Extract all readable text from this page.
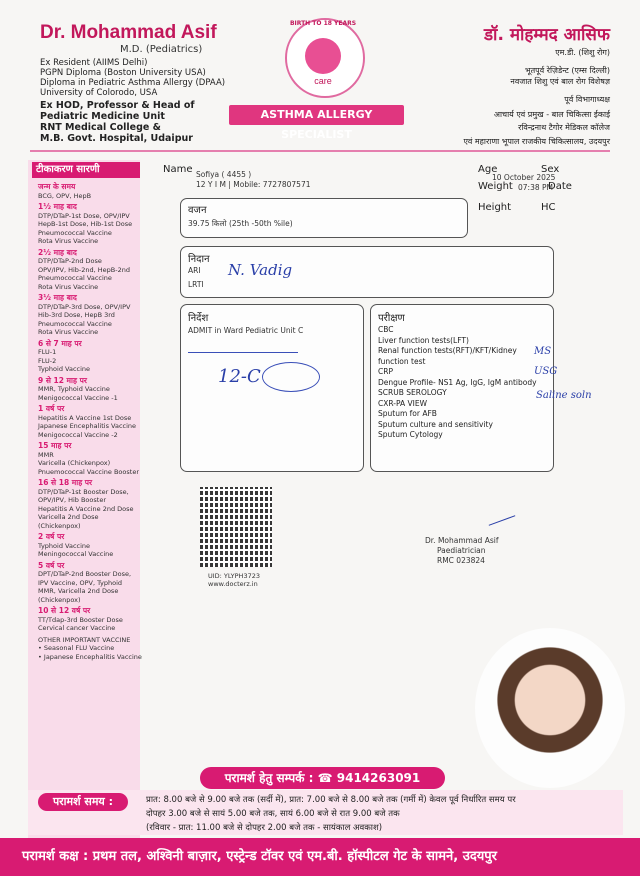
Dr. Mohammad Asif
M.D. (Pediatrics)
Ex Resident (AIIMS Delhi)
PGPN Diploma (Boston University USA)
Diploma in Pediatric Asthma Allergy (DPAA)
University of Colorodo, USA
Ex HOD, Professor & Head of
Pediatric Medicine Unit
RNT Medical College &
M.B. Govt. Hospital, Udaipur
BIRTH TO 18 YEARS
care
ASTHMA ALLERGY SPECIALIST
डॉ. मोहम्मद आसिफ
एम.डी. (शिशु रोग)
भूतपूर्व रेज़िडेन्ट (एम्स दिल्ली)
नवजात शिशु एवं बाल रोग विशेषज्ञ
पूर्व विभागाध्यक्ष
आचार्य एवं प्रमुख - बाल चिकित्सा ईकाई
रविन्द्रनाथ टैगोर मेडिकल कॉलेज
एवं महाराणा भूपाल राजकीय चिकित्सालय, उदयपुर
टीकाकरण सारणी
जन्म के समय
BCG, OPV, HepB
1½ माह बाद
DTP/DTaP-1st Dose, OPV/IPV
HepB-1st Dose, Hib-1st Dose
Pneumococcal Vaccine
Rota Virus Vaccine
2½ माह बाद
DTP/DTaP-2nd Dose
OPV/IPV, Hib-2nd, HepB-2nd
Pneumococcal Vaccine
Rota Virus Vaccine
3½ माह बाद
DTP/DTaP-3rd Dose, OPV/IPV
Hib-3rd Dose, HepB 3rd
Pneumococcal Vaccine
Rota Virus Vaccine
6 से 7 माह पर
FLU-1
FLU-2
Typhoid Vaccine
9 से 12 माह पर
MMR, Typhoid Vaccine
Menigococcal Vaccine -1
1 वर्ष पर
Hepatitis A Vaccine 1st Dose
Japanese Encephalitis Vaccine
Menigococcal Vaccine -2
15 माह पर
MMR
Varicella (Chickenpox)
Pnuemococcal Vaccine Booster
16 से 18 माह पर
DTP/DTaP-1st Booster Dose,
OPV/IPV, Hib Booster
Hepatitis A Vaccine 2nd Dose
Varicella 2nd Dose (Chickenpox)
2 वर्ष पर
Typhoid Vaccine
Meningococcal Vaccine
5 वर्ष पर
DPT/DTaP-2nd Booster Dose,
IPV Vaccine, OPV, Typhoid
MMR, Varicella 2nd Dose
(Chickenpox)
10 से 12 वर्ष पर
TT/Tdap-3rd Booster Dose
Cervical cancer Vaccine
OTHER IMPORTANT VACCINE
• Seasonal FLU Vaccine
• Japanese Encephalitis Vaccine
Name Sofiya ( 4455 )
12 Y I M | Mobile: 7727807571
Age	Sex
10 October 2025
Weight 07:38 PM
Date
Height	HC
वजन
39.75 किलो (25th -50th %ile)
निदान
ARI
LRTI
N. Vadig
निर्देश
ADMIT in Ward Pediatric Unit C
12-C
परीक्षण
CBC
Liver function tests(LFT)
Renal function tests(RFT)/KFT/Kidney function test
CRP
Dengue Profile- NS1 Ag, IgG, IgM antibody
SCRUB SEROLOGY
CXR-PA VIEW
Sputum for AFB
Sputum culture and sensitivity
Sputum Cytology
MS
USG
Saline soln
UID: YLYPH3723
www.docterz.in
Dr. Mohammad Asif
Paediatrician
RMC 023824
परामर्श हेतु सम्पर्क : ☎ 9414263091
परामर्श समय :	प्रात: 8.00 बजे से 9.00 बजे तक (सर्दी में), प्रात: 7.00 बजे से 8.00 बजे तक (गर्मी में) केवल पूर्व निर्धारित समय पर
दोपहर 3.00 बजे से सायं 5.00 बजे तक, सायं 6.00 बजे से रात 9.00 बजे तक
(रविवार - प्रात: 11.00 बजे से दोपहर 2.00 बजे तक - सायंकाल अवकाश)
परामर्श कक्ष : प्रथम तल, अश्विनी बाज़ार, एस्ट्रेन्ड टॉवर एवं एम.बी. हॉस्पीटल गेट के सामने, उदयपुर
